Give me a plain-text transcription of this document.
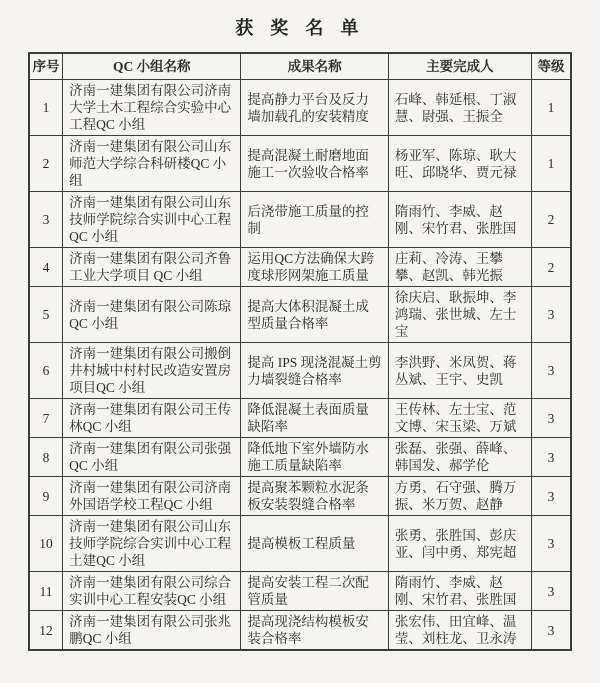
获 奖 名 单
序号	QC 小组名称	成果名称	主要完成人	等级
1	济南一建集团有限公司济南大学土木工程综合实验中心工程QC 小组	提高静力平台及反力墙加载孔的安装精度	石峰、韩延根、丁淑慧、尉强、王振全	1
2	济南一建集团有限公司山东师范大学综合科研楼QC 小组	提高混凝土耐磨地面施工一次验收合格率	杨亚军、陈琼、耿大旺、邱晓华、贾元禄	1
3	济南一建集团有限公司山东技师学院综合实训中心工程QC 小组	后浇带施工质量的控制	隋雨竹、李威、赵刚、宋竹君、张胜国	2
4	济南一建集团有限公司齐鲁工业大学项目 QC 小组	运用QC方法确保大跨度球形网架施工质量	庄莉、冷涛、王攀攀、赵凯、韩光振	2
5	济南一建集团有限公司陈琼QC 小组	提高大体积混凝土成型质量合格率	徐庆启、耿振坤、李鸿瑞、张世城、左士宝	3
6	济南一建集团有限公司搬倒井村城中村村民改造安置房项目QC 小组	提高 IPS 现浇混凝土剪力墙裂缝合格率	李洪野、米凤贺、蒋丛斌、王宇、史凯	3
7	济南一建集团有限公司王传林QC 小组	降低混凝土表面质量缺陷率	王传林、左士宝、范文博、宋玉梁、万斌	3
8	济南一建集团有限公司张强QC 小组	降低地下室外墙防水施工质量缺陷率	张磊、张强、薛峰、韩国发、郝学伦	3
9	济南一建集团有限公司济南外国语学校工程QC 小组	提高聚苯颗粒水泥条板安装裂缝合格率	方勇、石守强、腾万振、米万贺、赵静	3
10	济南一建集团有限公司山东技师学院综合实训中心工程土建QC 小组	提高模板工程质量	张勇、张胜国、彭庆亚、闫中勇、郑宪超	3
11	济南一建集团有限公司综合实训中心工程安装QC 小组	提高安装工程二次配管质量	隋雨竹、李威、赵刚、宋竹君、张胜国	3
12	济南一建集团有限公司张兆鹏QC 小组	提高现浇结构模板安装合格率	张宏伟、田宜峰、温莹、刘柱龙、卫永涛	3
